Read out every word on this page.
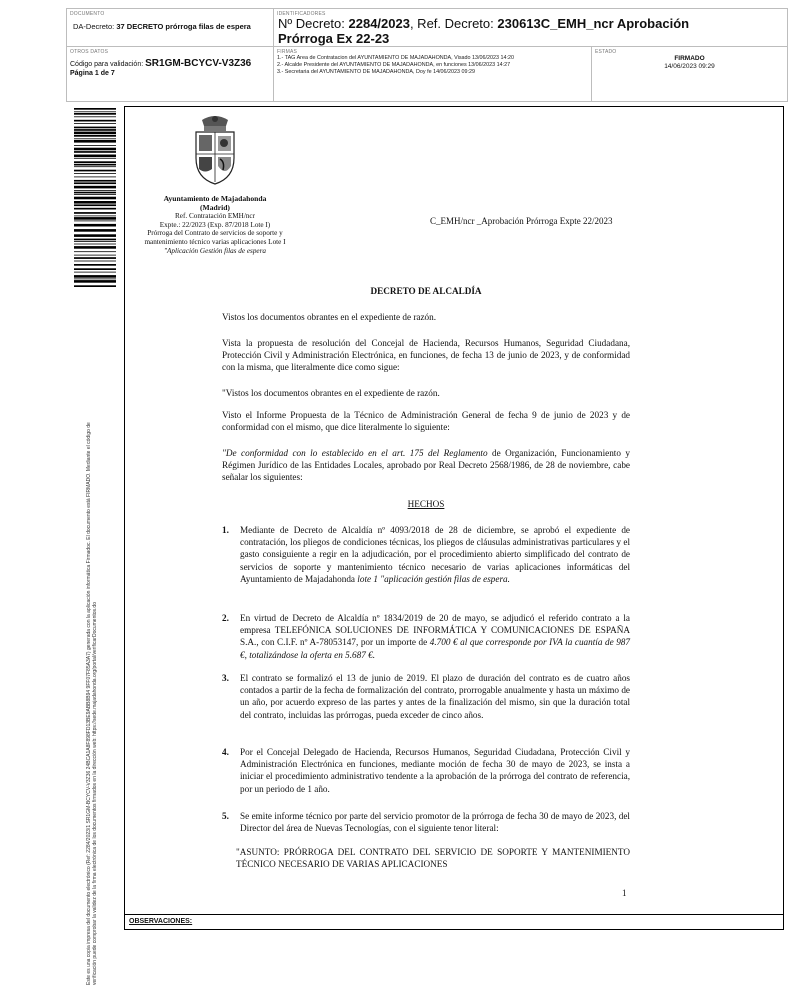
DOCUMENTO
DA-Decreto: 37 DECRETO prórroga filas de espera
IDENTIFICADORES
Nº Decreto: 2284/2023, Ref. Decreto: 230613C_EMH_ncr Aprobación Prórroga Ex 22-23
OTROS DATOS
Código para validación: SR1GM-BCYCV-V3Z36
Página 1 de 7
FIRMAS
1.- TAG Area de Contratacion del AYUNTAMIENTO DE MAJADAHONDA, Visado 13/06/2023 14:20
2.- Alcalde Presidente del AYUNTAMIENTO DE MAJADAHONDA, en funciones 13/06/2023 14:27
3.- Secretaria del AYUNTAMIENTO DE MAJADAHONDA, Doy fe 14/06/2023 09:29
ESTADO
FIRMADO
14/06/2023 09:29
Este es una copia impresa del documento electrónico (Ref: 2284/2023/1 SR1GM-BCYCV-V3Z36 24BCA1A8F898FD13BE9ABB8B94 9FF07F85A3A7) generada con la aplicación informática Firmadoc. El documento está FIRMADO. Mediante el código de verificación puede comprobar la validez de la firma electrónica de los documentos firmados en la dirección web: https://sede.majadahonda.org/portal/verificarDocumentos.do	OBSERVACIONES:
Ayuntamiento de Majadahonda
(Madrid)
Ref. Contratación EMH/ncr
Expte.: 22/2023 (Exp. 87/2018 Lote I)
Prórroga del Contrato de servicios de soporte y
mantenimiento técnico varias aplicaciones Lote I
"Aplicación Gestión filas de espera
C_EMH/ncr _Aprobación Prórroga Expte 22/2023
DECRETO DE ALCALDÍA
Vistos los documentos obrantes en el expediente de razón.
Vista la propuesta de resolución del Concejal de Hacienda, Recursos Humanos, Seguridad Ciudadana, Protección Civil y Administración Electrónica, en funciones, de fecha 13 de junio de 2023, y de conformidad con la misma, que literalmente dice como sigue:
"Vistos los documentos obrantes en el expediente de razón.
Visto el Informe Propuesta de la Técnico de Administración General de fecha 9 de junio de 2023 y de conformidad con el mismo, que dice literalmente lo siguiente:
"De conformidad con lo establecido en el art. 175 del Reglamento de Organización, Funcionamiento y Régimen Jurídico de las Entidades Locales, aprobado por Real Decreto 2568/1986, de 28 de noviembre, cabe señalar los siguientes:
HECHOS
1. Mediante de Decreto de Alcaldía nº 4093/2018 de 28 de diciembre, se aprobó el expediente de contratación, los pliegos de condiciones técnicas, los pliegos de cláusulas administrativas particulares y el gasto consiguiente a regir en la adjudicación, por el procedimiento abierto simplificado del contrato de servicios de soporte y mantenimiento técnico necesario de varias aplicaciones informáticas del Ayuntamiento de Majadahonda lote 1 "aplicación gestión filas de espera.
2. En virtud de Decreto de Alcaldía nº 1834/2019 de 20 de mayo, se adjudicó el referido contrato a la empresa TELEFÓNICA SOLUCIONES DE INFORMÁTICA Y COMUNICACIONES DE ESPAÑA S.A., con C.I.F. nº A-78053147, por un importe de 4.700 € al que corresponde por IVA la cuantía de 987 €, totalizándose la oferta en 5.687 €.
3. El contrato se formalizó el 13 de junio de 2019. El plazo de duración del contrato es de cuatro años contados a partir de la fecha de formalización del contrato, prorrogable anualmente y hasta un máximo de un año, por acuerdo expreso de las partes y antes de la finalización del mismo, sin que la duración total del contrato, incluidas las prórrogas, pueda exceder de cinco años.
4. Por el Concejal Delegado de Hacienda, Recursos Humanos, Seguridad Ciudadana, Protección Civil y Administración Electrónica en funciones, mediante moción de fecha 30 de mayo de 2023, se insta a iniciar el procedimiento administrativo tendente a la aprobación de la prórroga del contrato de referencia, por un periodo de 1 año.
5. Se emite informe técnico por parte del servicio promotor de la prórroga de fecha 30 de mayo de 2023, del Director del área de Nuevas Tecnologías, con el siguiente tenor literal:
"ASUNTO: PRÓRROGA DEL CONTRATO DEL SERVICIO DE SOPORTE Y MANTENIMIENTO TÉCNICO NECESARIO DE VARIAS APLICACIONES
1
